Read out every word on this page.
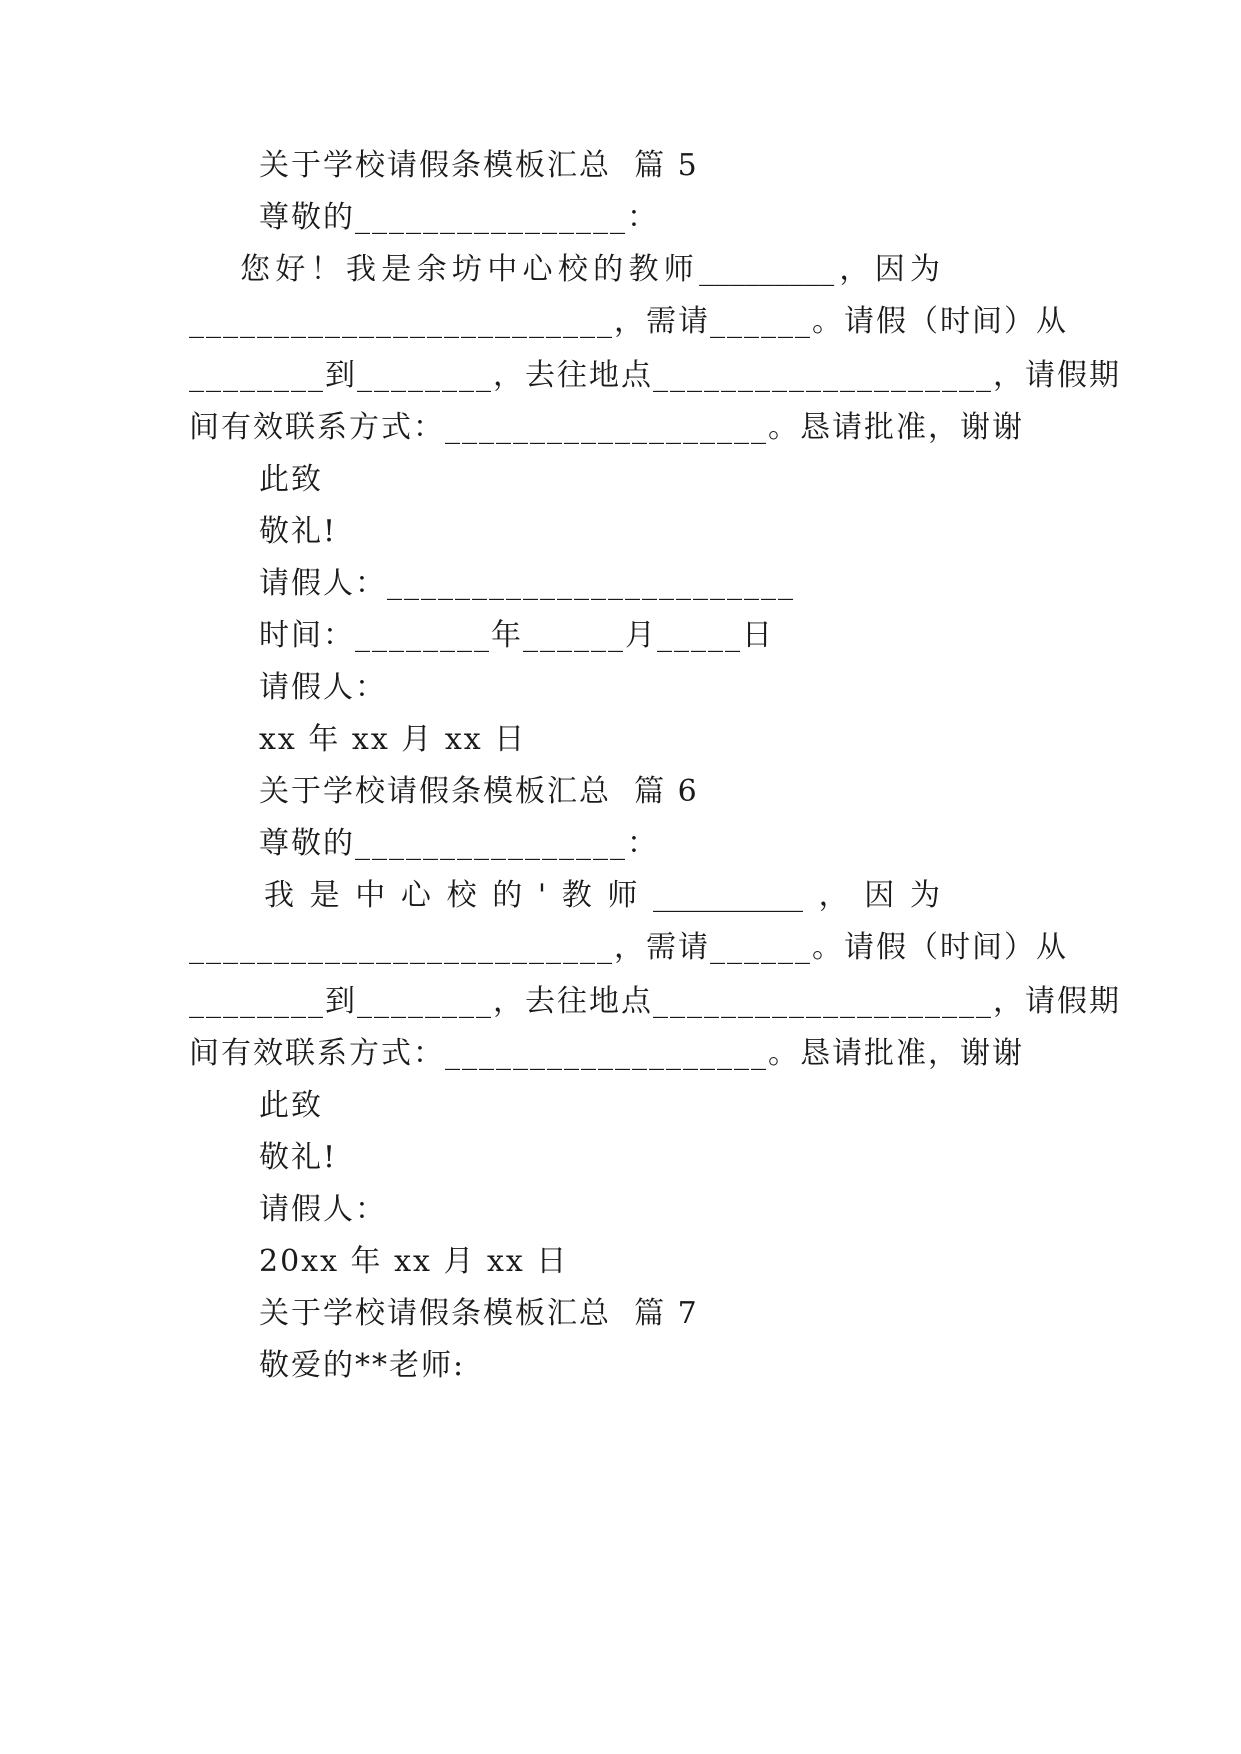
关于学校请假条模板汇总  篇 5
尊敬的________________：
您 好 ！ 我 是 余 坊 中 心 校 的 教 师 _________ ， 因 为
_________________________，需请______。请假（时间）从
________到________，去往地点____________________，请假期
间有效联系方式：___________________。恳请批准，谢谢
此致
敬礼!
请假人：________________________
时间：________年______月_____日
请假人：
xx 年 xx 月 xx 日
关于学校请假条模板汇总  篇 6
尊敬的________________：
我 是 中 心 校 的 ' 教 师 __________ ， 因 为
_________________________，需请______。请假（时间）从
________到________，去往地点____________________，请假期
间有效联系方式：___________________。恳请批准，谢谢
此致
敬礼!
请假人：
20xx 年 xx 月 xx 日
关于学校请假条模板汇总  篇 7
敬爱的**老师:
